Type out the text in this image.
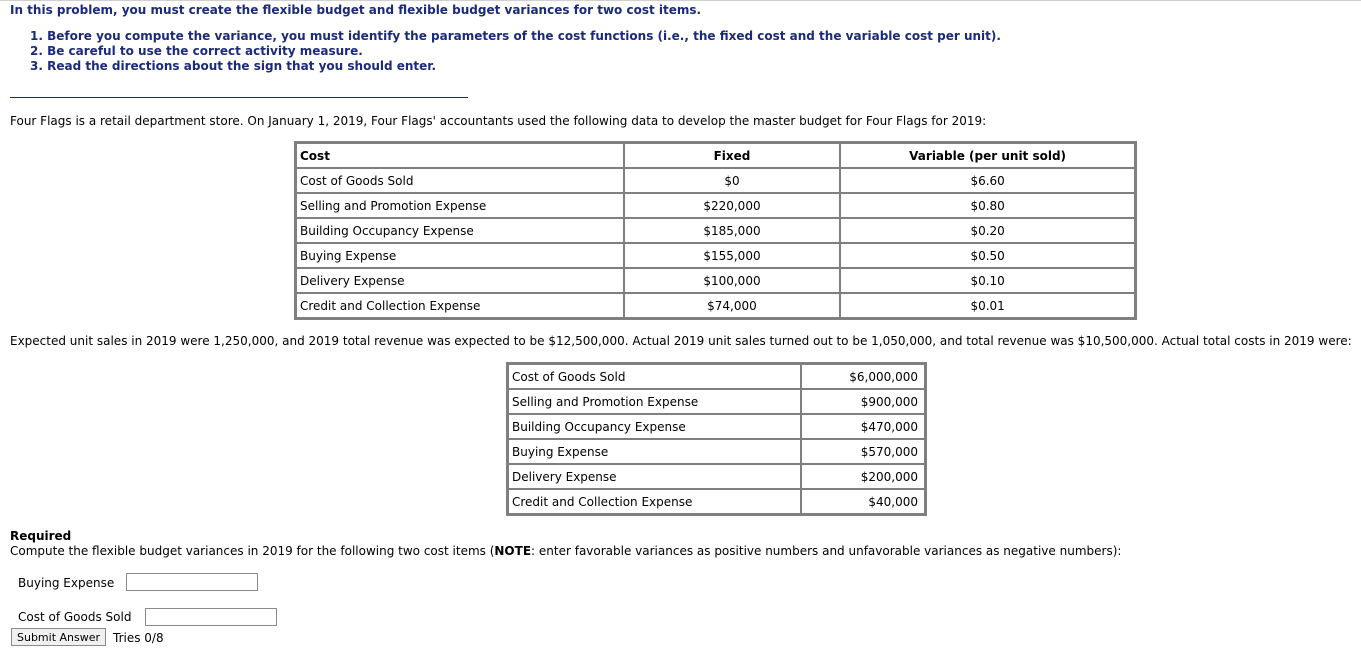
In this problem, you must create the flexible budget and flexible budget variances for two cost items.
1. Before you compute the variance, you must identify the parameters of the cost functions (i.e., the fixed cost and the variable cost per unit).
2. Be careful to use the correct activity measure.
3. Read the directions about the sign that you should enter.
Four Flags is a retail department store. On January 1, 2019, Four Flags' accountants used the following data to develop the master budget for Four Flags for 2019:
Cost	Fixed	Variable (per unit sold)
Cost of Goods Sold	$0	$6.60
Selling and Promotion Expense	$220,000	$0.80
Building Occupancy Expense	$185,000	$0.20
Buying Expense	$155,000	$0.50
Delivery Expense	$100,000	$0.10
Credit and Collection Expense	$74,000	$0.01
Expected unit sales in 2019 were 1,250,000, and 2019 total revenue was expected to be $12,500,000. Actual 2019 unit sales turned out to be 1,050,000, and total revenue was $10,500,000. Actual total costs in 2019 were:
Cost of Goods Sold	$6,000,000
Selling and Promotion Expense	$900,000
Building Occupancy Expense	$470,000
Buying Expense	$570,000
Delivery Expense	$200,000
Credit and Collection Expense	$40,000
Required
Compute the flexible budget variances in 2019 for the following two cost items (NOTE: enter favorable variances as positive numbers and unfavorable variances as negative numbers):
Buying Expense
Cost of Goods Sold
Submit Answer	Tries 0/8
